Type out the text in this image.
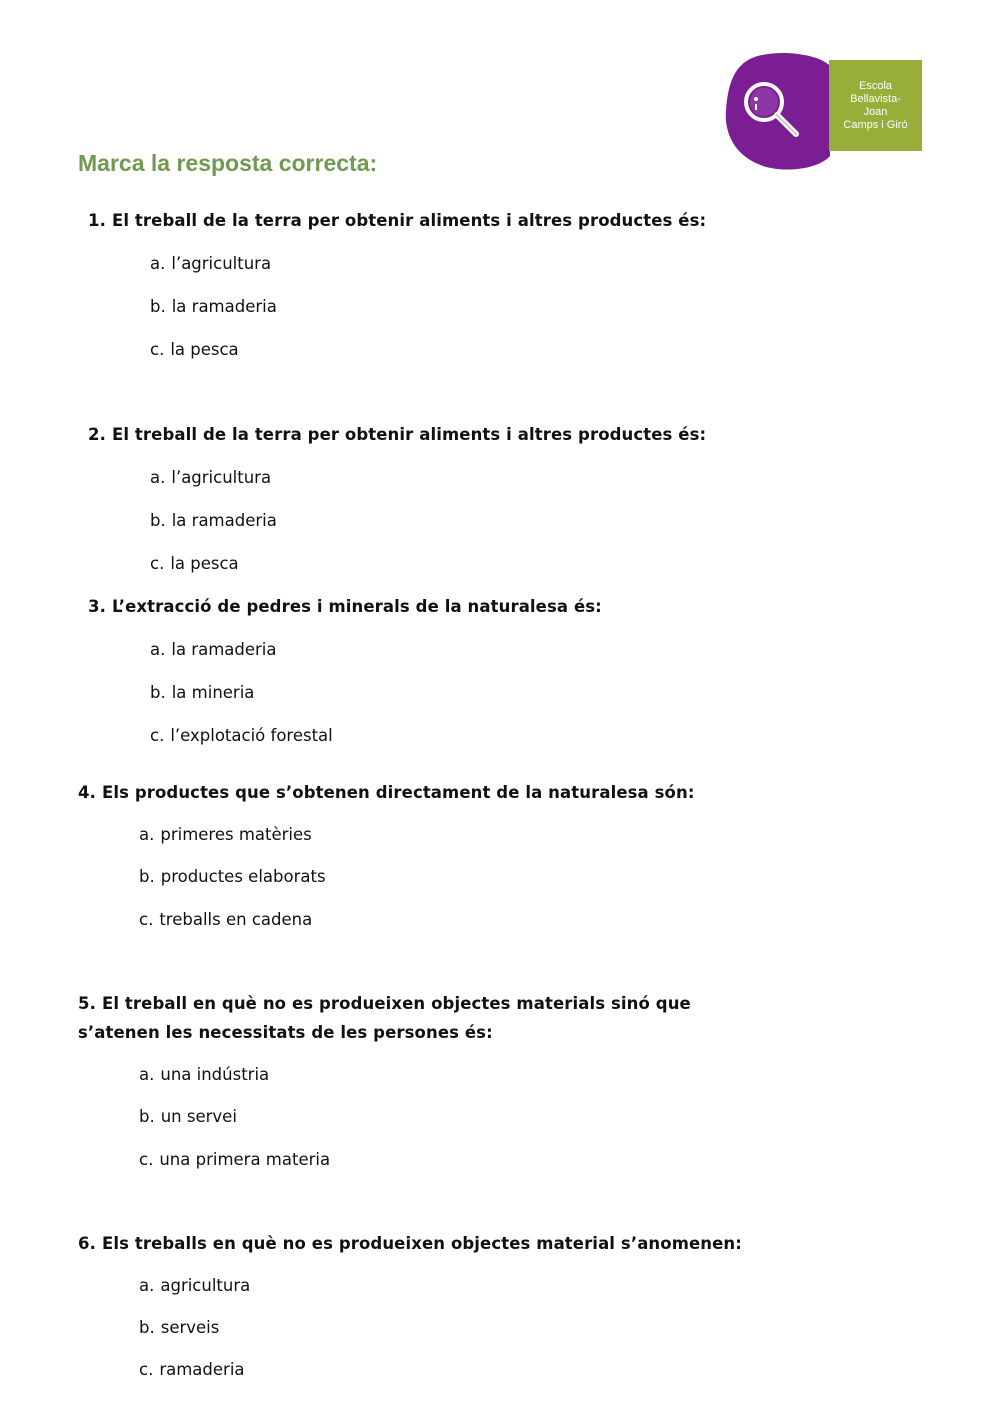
Marca la resposta correcta:
Escola
Bellavista-
Joan
Camps i Giró
1. El treball de la terra per obtenir aliments i altres productes és:
a. l’agricultura
b. la ramaderia
c. la pesca
2. El treball de la terra per obtenir aliments i altres productes és:
a. l’agricultura
b. la ramaderia
c. la pesca
3. L’extracció de pedres i minerals de la naturalesa és:
a. la ramaderia
b. la mineria
c. l’explotació forestal
4. Els productes que s’obtenen directament de la naturalesa són:
a. primeres matèries
b. productes elaborats
c. treballs en cadena
5. El treball en què no es produeixen objectes materials sinó que
s’atenen les necessitats de les persones és:
a. una indústria
b. un servei
c. una primera materia
6. Els treballs en què no es produeixen objectes material s’anomenen:
a. agricultura
b. serveis
c. ramaderia
